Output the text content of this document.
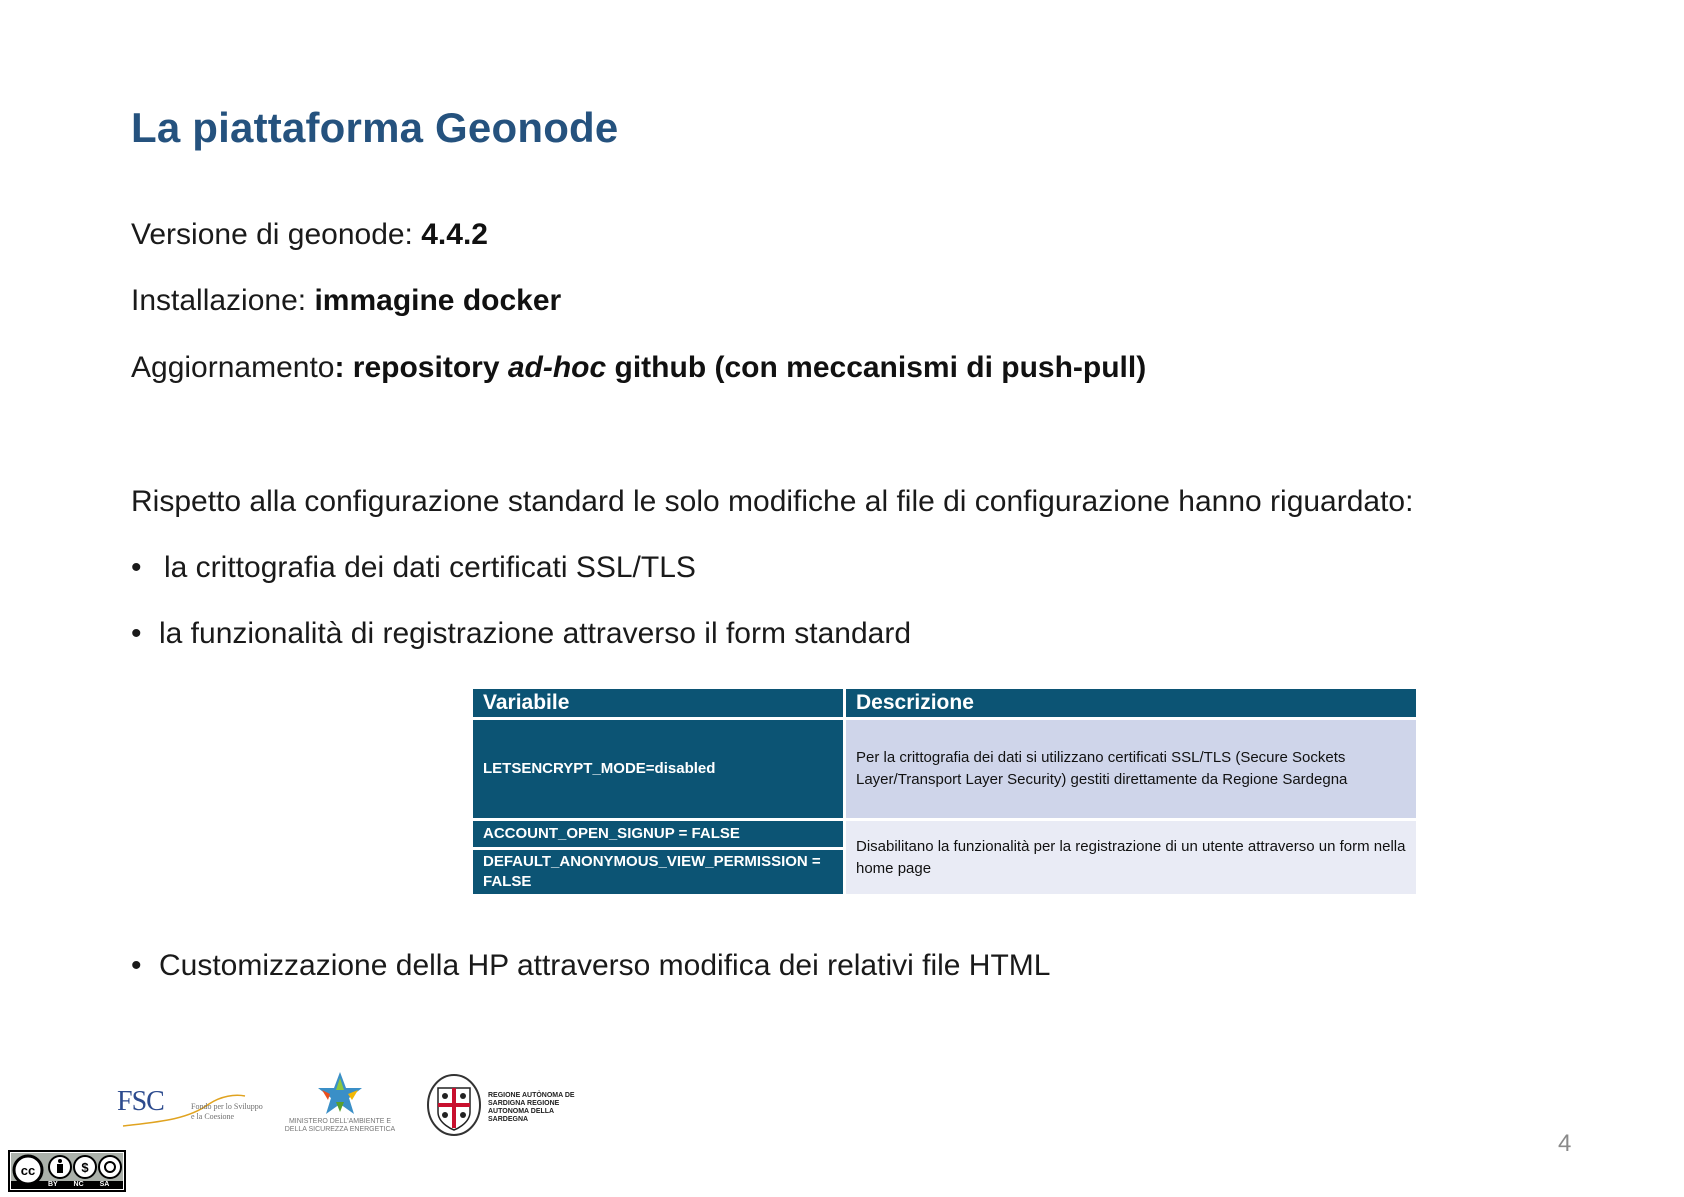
La piattaforma Geonode
Versione di geonode: 4.4.2
Installazione: immagine docker
Aggiornamento: repository ad-hoc github (con meccanismi di push-pull)
Rispetto alla configurazione standard le solo modifiche al file di configurazione hanno riguardato:
• la crittografia dei dati certificati SSL/TLS
• la funzionalità di registrazione attraverso il form standard
Variabile	Descrizione
LETSENCRYPT_MODE=disabled	Per la crittografia dei dati si utilizzano certificati SSL/TLS (Secure Sockets Layer/Transport Layer Security) gestiti direttamente da Regione Sardegna
ACCOUNT_OPEN_SIGNUP = FALSE	Disabilitano la funzionalità per la registrazione di un utente attraverso un form nella home page
DEFAULT_ANONYMOUS_VIEW_PERMISSION = FALSE	
• Customizzazione della HP attraverso modifica dei relativi file HTML
FSC	Fondo per lo Sviluppo e la Coesione
MINISTERO DELL'AMBIENTE E DELLA SICUREZZA ENERGETICA
REGIONE AUTÒNOMA DE SARDIGNA REGIONE AUTONOMA DELLA SARDEGNA
4
cc	$
BY NC SA
